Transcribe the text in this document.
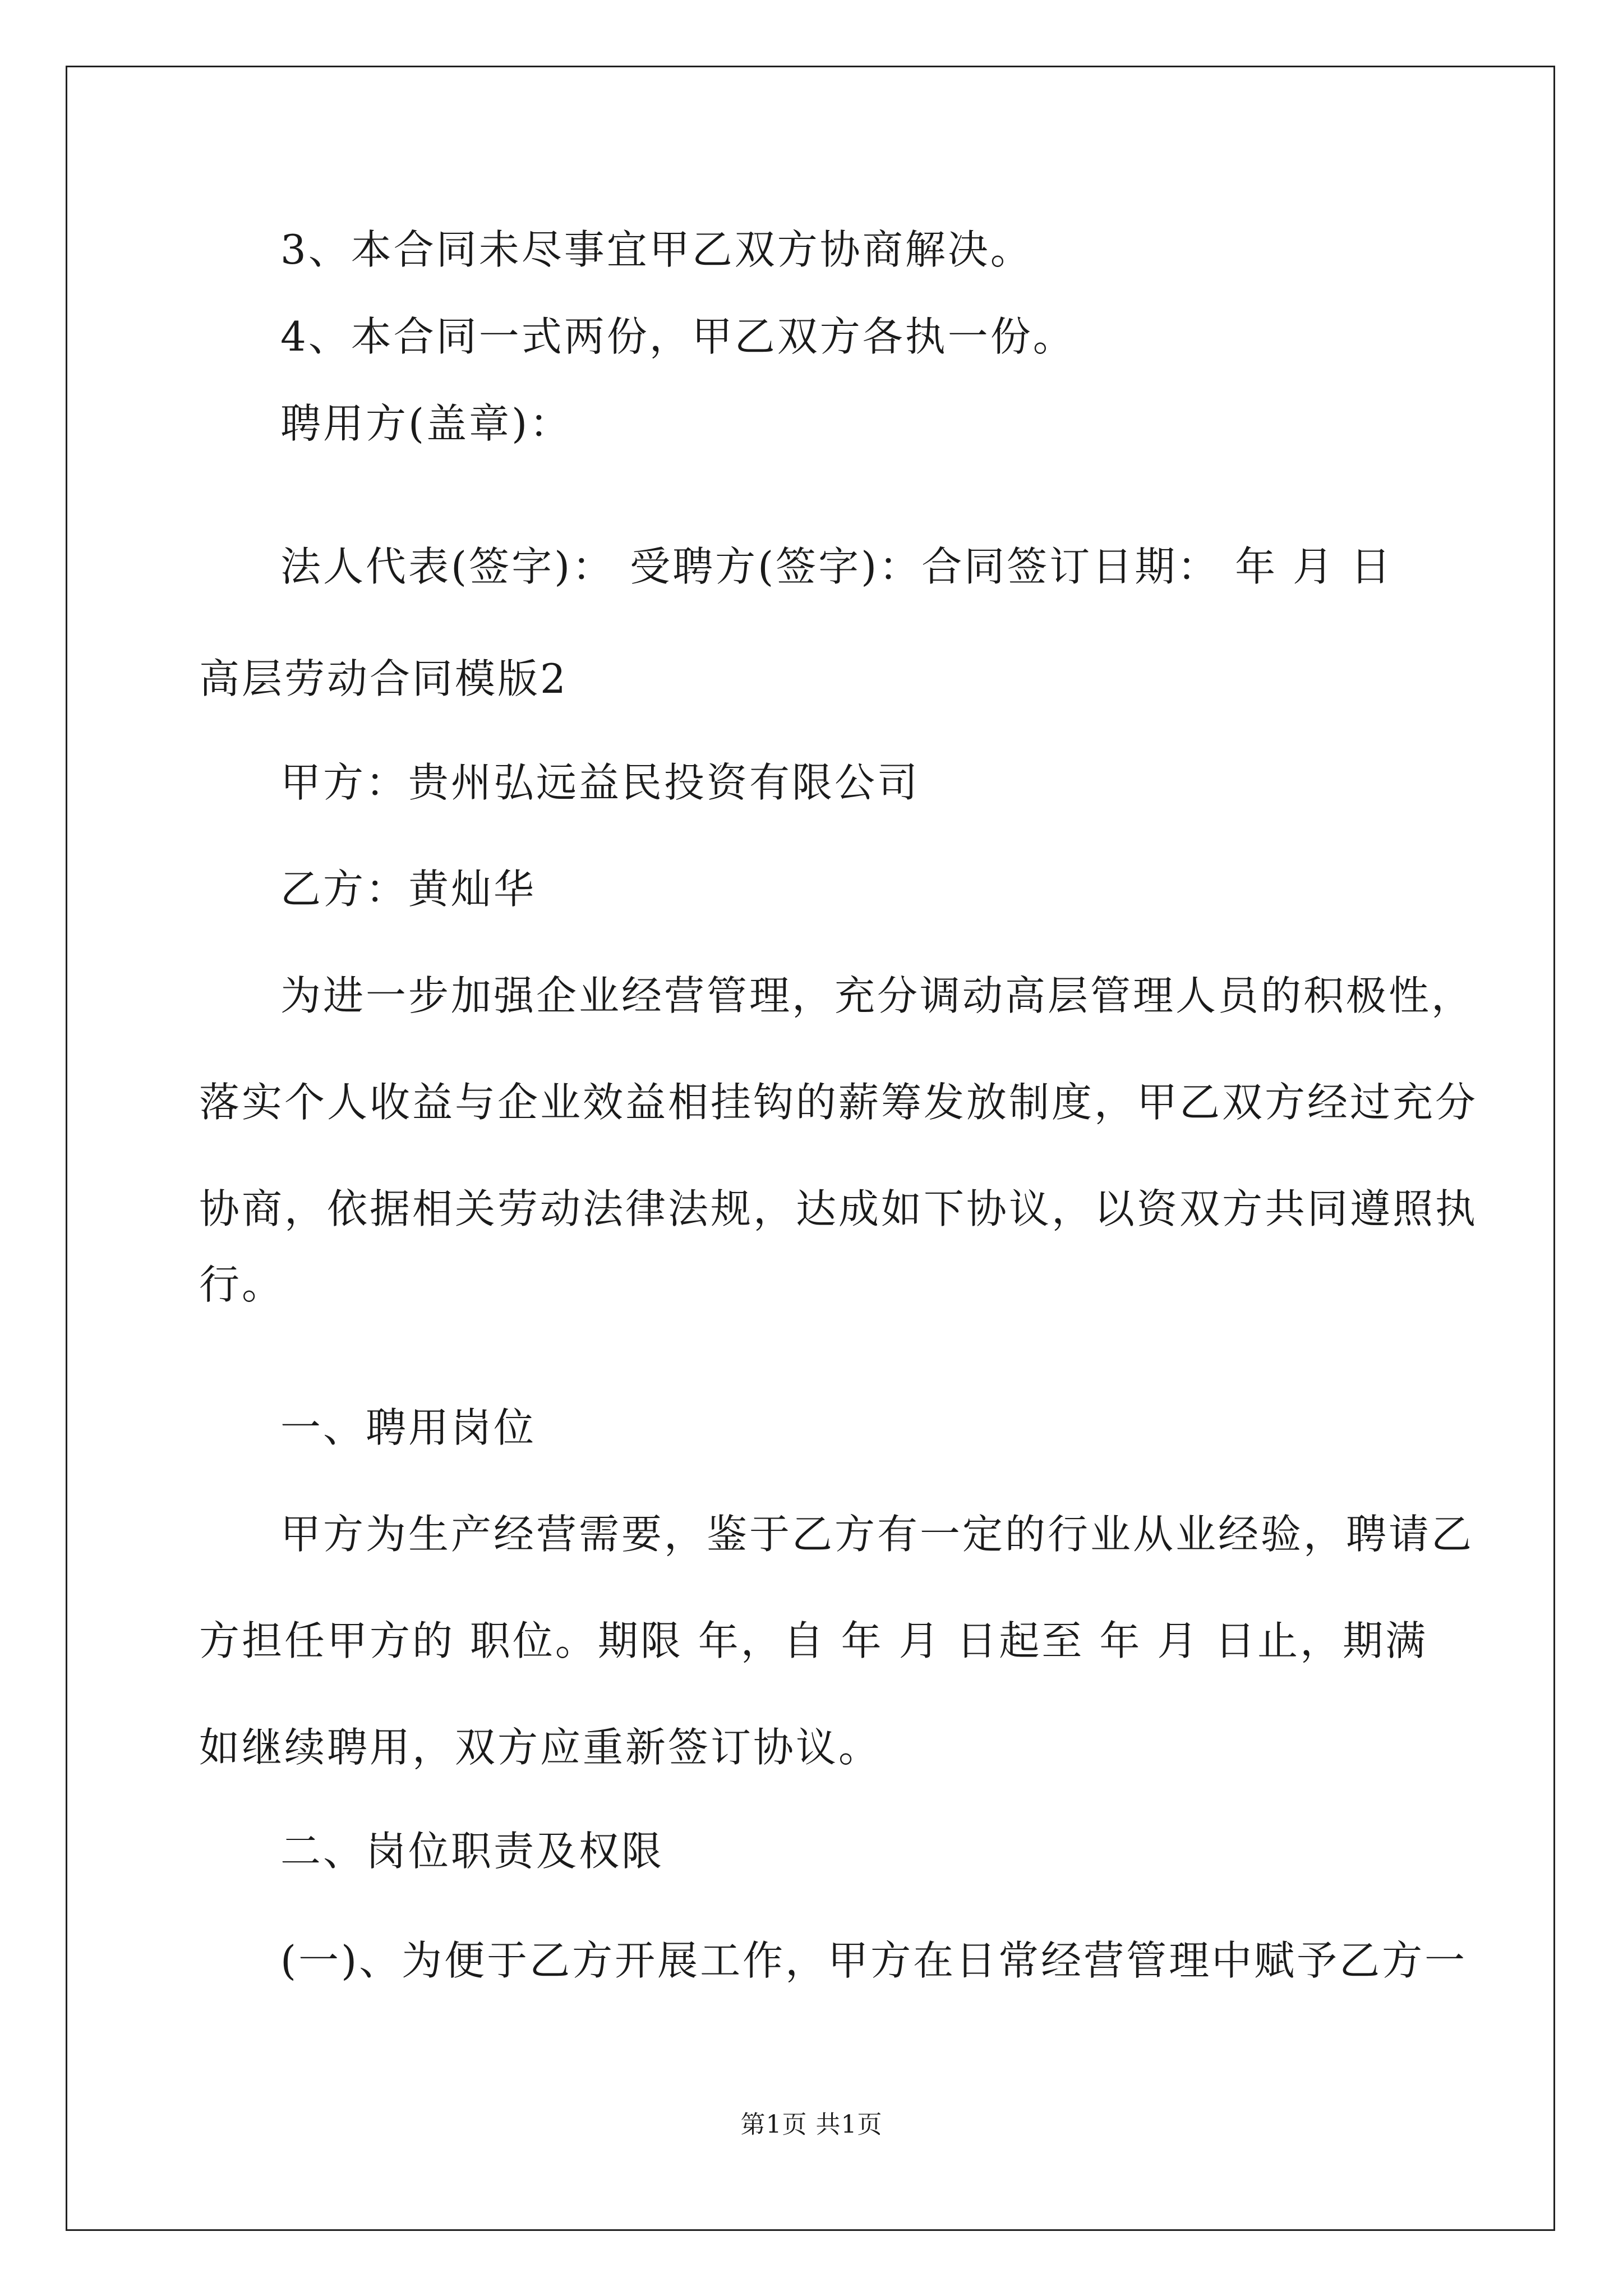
3、本合同未尽事宜甲乙双方协商解决。

4、本合同一式两份，甲乙双方各执一份。

聘用方(盖章)：

法人代表(签字)： 受聘方(签字)：合同签订日期： 年 月 日

高层劳动合同模版2

甲方：贵州弘远益民投资有限公司

乙方：黄灿华

为进一步加强企业经营管理，充分调动高层管理人员的积极性，

落实个人收益与企业效益相挂钩的薪筹发放制度，甲乙双方经过充分

协商，依据相关劳动法律法规，达成如下协议，以资双方共同遵照执

行。

一、聘用岗位

甲方为生产经营需要，鉴于乙方有一定的行业从业经验，聘请乙

方担任甲方的 职位。期限 年，自 年 月 日起至 年 月 日止，期满

如继续聘用，双方应重新签订协议。

二、岗位职责及权限

(一)、为便于乙方开展工作，甲方在日常经营管理中赋予乙方一

第1页 共1页
